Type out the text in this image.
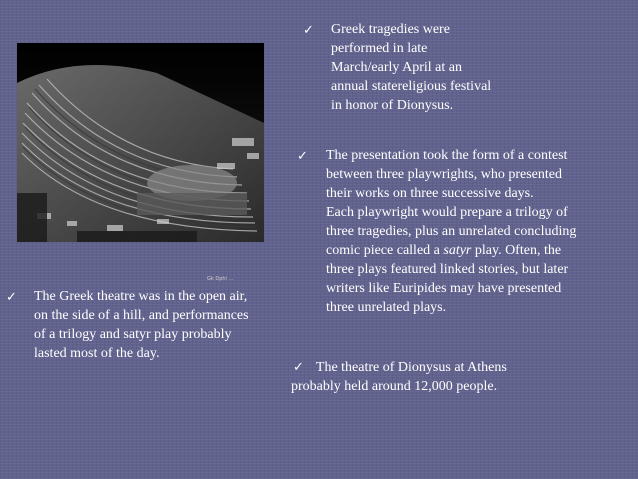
Gk Dphi ...
✓ Greek tragedies were
performed in late
March/early April at an
annual statereligious festival
in honor of Dionysus.
✓ The presentation took the form of a contest
between three playwrights, who presented
their works on three successive days.
Each playwright would prepare a trilogy of
three tragedies, plus an unrelated concluding
comic piece called a satyr play. Often, the
three plays featured linked stories, but later
writers like Euripides may have presented
three unrelated plays.
✓ The Greek theatre was in the open air,
on the side of a hill, and performances
of a trilogy and satyr play probably
lasted most of the day.
✓ The theatre of Dionysus at Athens
probably held around 12,000 people.
